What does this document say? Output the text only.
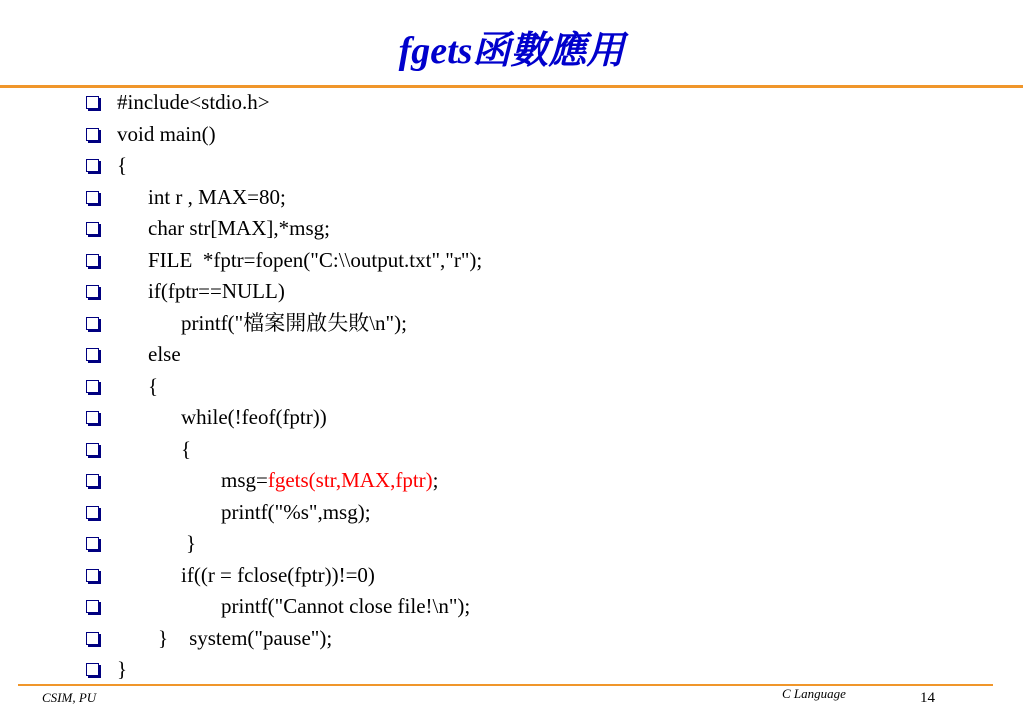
fgets函數應用
#include<stdio.h>
void main()
{
int r , MAX=80;
char str[MAX],*msg;
FILE  *fptr=fopen("C:\\output.txt","r");
if(fptr==NULL)
printf("檔案開啟失敗\n");
else
{
while(!feof(fptr))
{
msg=fgets(str,MAX,fptr);
printf("%s",msg);
}
if((r = fclose(fptr))!=0)
printf("Cannot close file!\n");
}    system("pause");
}
CSIM, PU	C Language	14
